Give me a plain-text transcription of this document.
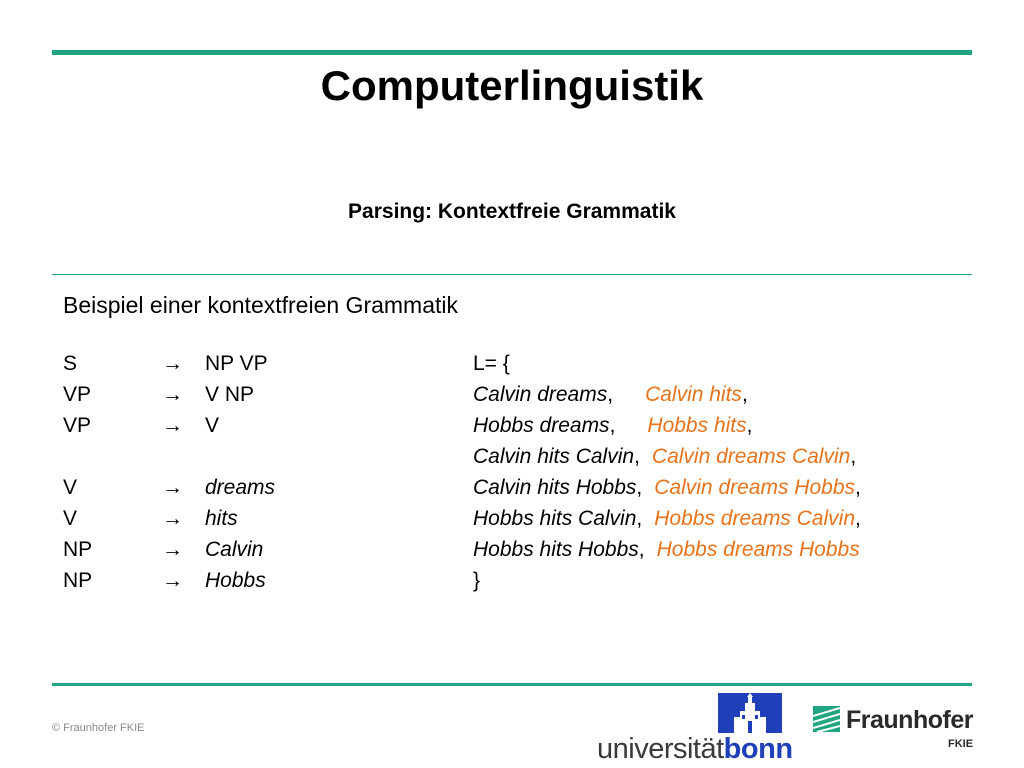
Computerlinguistik
Parsing: Kontextfreie Grammatik
Beispiel einer kontextfreien Grammatik
S	→ NP VP
VP	→ V NP
VP	→ V
V	→ dreams
V	→ hits
NP	→ Calvin
NP	→ Hobbs
L= {
Calvin dreams, Calvin hits,
Hobbs dreams, Hobbs hits,
Calvin hits Calvin, Calvin dreams Calvin,
Calvin hits Hobbs, Calvin dreams Hobbs,
Hobbs hits Calvin, Hobbs dreams Calvin,
Hobbs hits Hobbs, Hobbs dreams Hobbs
}
© Fraunhofer FKIE
universitätbonn
Fraunhofer
FKIE
